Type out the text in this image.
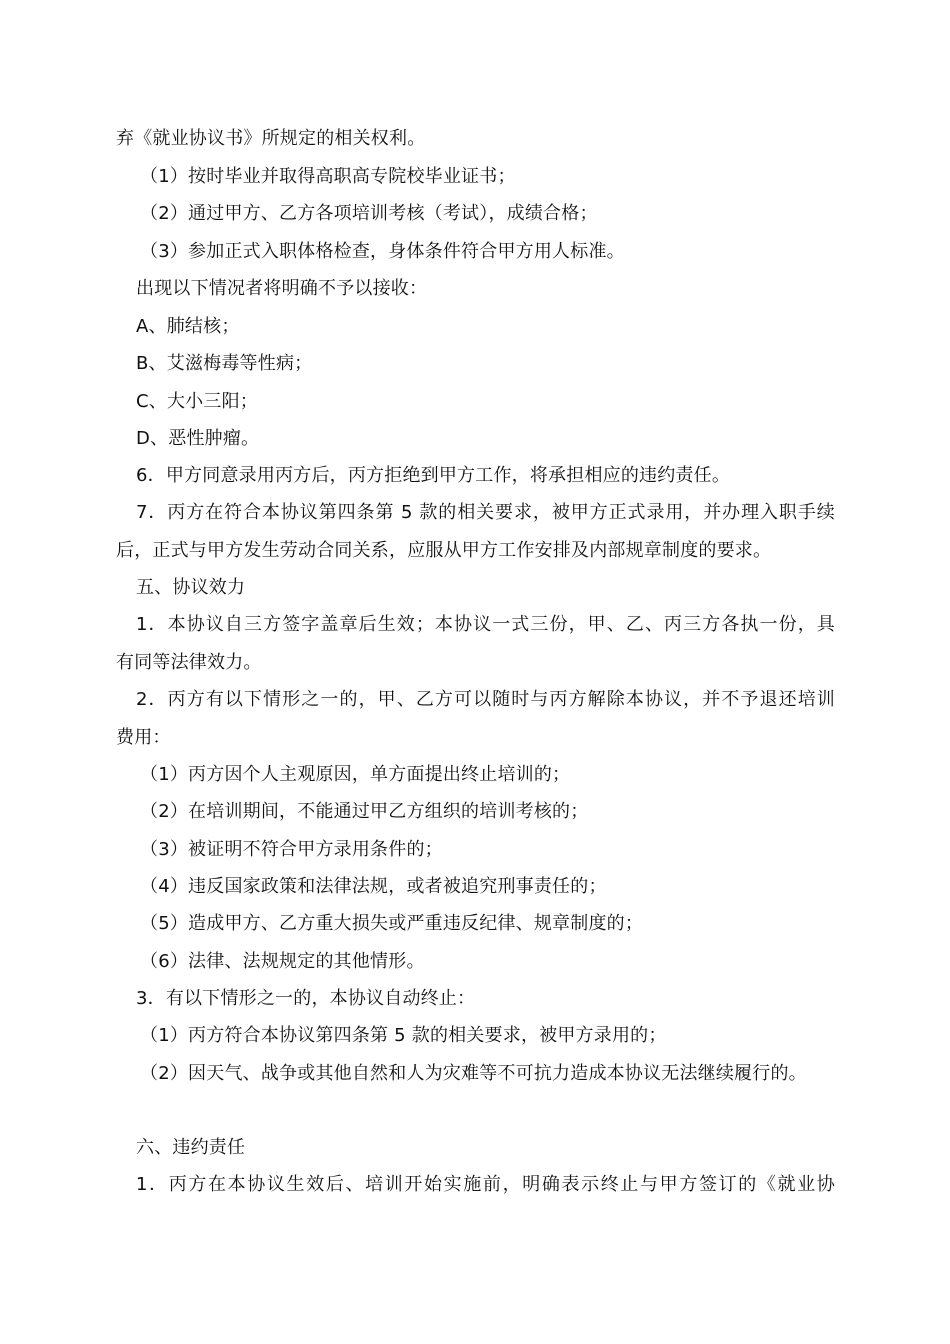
弃《就业协议书》所规定的相关权利。
（1）按时毕业并取得高职高专院校毕业证书；
（2）通过甲方、乙方各项培训考核（考试），成绩合格；
（3）参加正式入职体格检查，身体条件符合甲方用人标准。
出现以下情况者将明确不予以接收：
A、肺结核；
B、艾滋梅毒等性病；
C、大小三阳；
D、恶性肿瘤。
6．甲方同意录用丙方后，丙方拒绝到甲方工作，将承担相应的违约责任。
7．丙方在符合本协议第四条第 5 款的相关要求，被甲方正式录用，并办理入职手续
后，正式与甲方发生劳动合同关系，应服从甲方工作安排及内部规章制度的要求。
五、协议效力
1．本协议自三方签字盖章后生效；本协议一式三份，甲、乙、丙三方各执一份，具
有同等法律效力。
2．丙方有以下情形之一的，甲、乙方可以随时与丙方解除本协议，并不予退还培训
费用：
（1）丙方因个人主观原因，单方面提出终止培训的；
（2）在培训期间，不能通过甲乙方组织的培训考核的；
（3）被证明不符合甲方录用条件的；
（4）违反国家政策和法律法规，或者被追究刑事责任的；
（5）造成甲方、乙方重大损失或严重违反纪律、规章制度的；
（6）法律、法规规定的其他情形。
3．有以下情形之一的，本协议自动终止：
（1）丙方符合本协议第四条第 5 款的相关要求，被甲方录用的；
（2）因天气、战争或其他自然和人为灾难等不可抗力造成本协议无法继续履行的。
六、违约责任
1．丙方在本协议生效后、培训开始实施前，明确表示终止与甲方签订的《就业协
